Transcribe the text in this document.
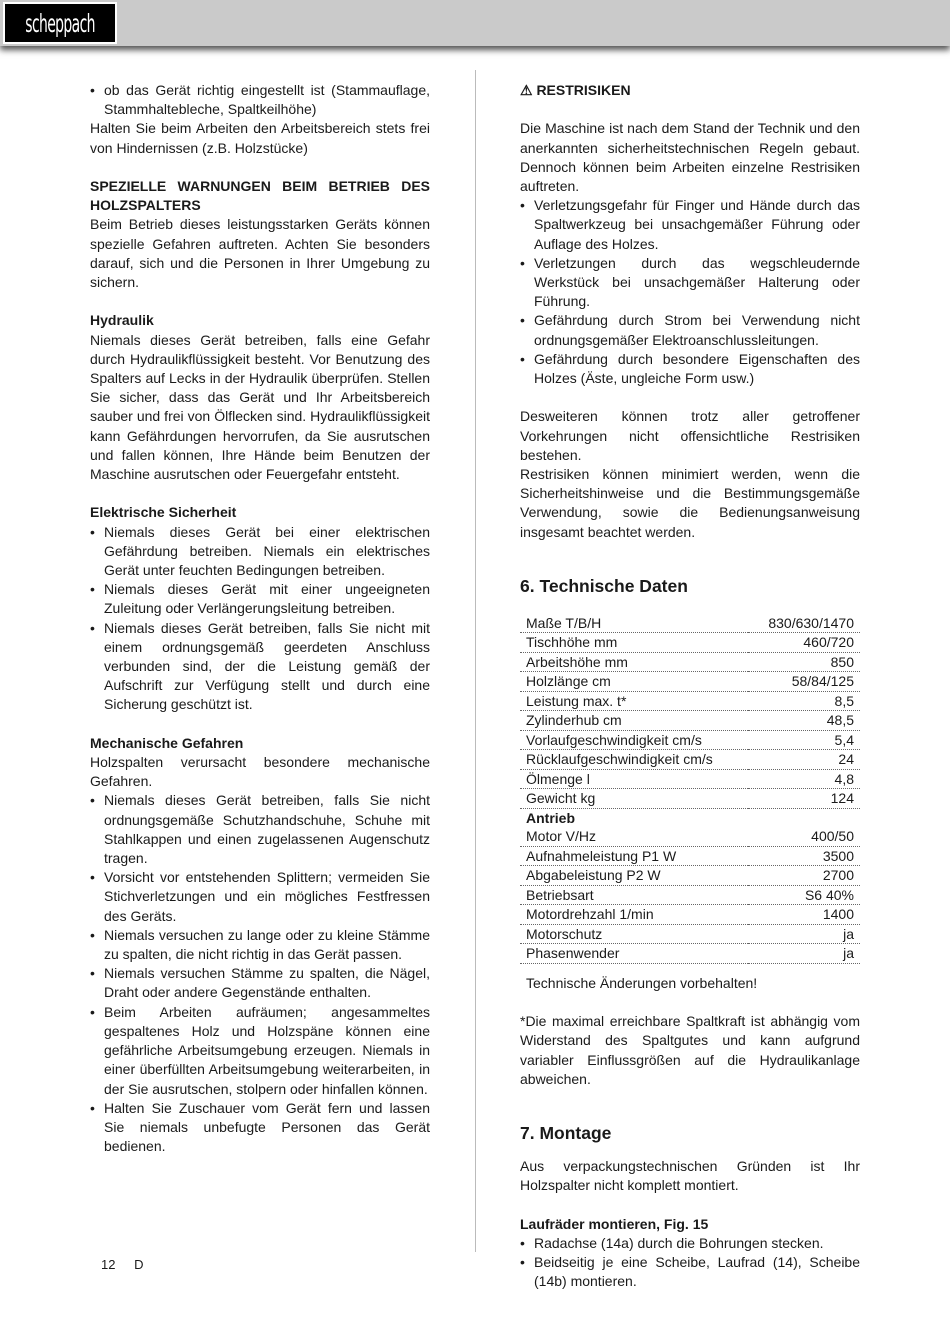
scheppach
• ob das Gerät richtig eingestellt ist (Stammauflage, Stammhaltebleche, Spaltkeilhöhe)

Halten Sie beim Arbeiten den Arbeitsbereich stets frei von Hindernissen (z.B. Holzstücke)

SPEZIELLE WARNUNGEN BEIM BETRIEB DES HOLZSPALTERS

Beim Betrieb dieses leistungsstarken Geräts können spezielle Gefahren auftreten. Achten Sie besonders darauf, sich und die Personen in Ihrer Umgebung zu sichern.

Hydraulik

Niemals dieses Gerät betreiben, falls eine Gefahr durch Hydraulikflüssigkeit besteht. Vor Benutzung des Spalters auf Lecks in der Hydraulik überprüfen. Stellen Sie sicher, dass das Gerät und Ihr Arbeitsbereich sauber und frei von Ölflecken sind. Hydraulikflüssigkeit kann Gefährdungen hervorrufen, da Sie ausrutschen und fallen können, Ihre Hände beim Benutzen der Maschine ausrutschen oder Feuergefahr entsteht.

Elektrische Sicherheit

• Niemals dieses Gerät bei einer elektrischen Gefährdung betreiben. Niemals ein elektrisches Gerät unter feuchten Bedingungen betreiben.
• Niemals dieses Gerät mit einer ungeeigneten Zuleitung oder Verlängerungsleitung betreiben.
• Niemals dieses Gerät betreiben, falls Sie nicht mit einem ordnungsgemäß geerdeten Anschluss verbunden sind, der die Leistung gemäß der Aufschrift zur Verfügung stellt und durch eine Sicherung geschützt ist.

Mechanische Gefahren

Holzspalten verursacht besondere mechanische Gefahren.

• Niemals dieses Gerät betreiben, falls Sie nicht ordnungsgemäße Schutzhandschuhe, Schuhe mit Stahlkappen und einen zugelassenen Augenschutz tragen.
• Vorsicht vor entstehenden Splittern; vermeiden Sie Stichverletzungen und ein mögliches Festfressen des Geräts.
• Niemals versuchen zu lange oder zu kleine Stämme zu spalten, die nicht richtig in das Gerät passen.
• Niemals versuchen Stämme zu spalten, die Nägel, Draht oder andere Gegenstände enthalten.
• Beim Arbeiten aufräumen; angesammeltes gespaltenes Holz und Holzspäne können eine gefährliche Arbeitsumgebung erzeugen. Niemals in einer überfüllten Arbeitsumgebung weiterarbeiten, in der Sie ausrutschen, stolpern oder hinfallen können.
• Halten Sie Zuschauer vom Gerät fern und lassen Sie niemals unbefugte Personen das Gerät bedienen.

⚠ RESTRISIKEN

Die Maschine ist nach dem Stand der Technik und den anerkannten sicherheitstechnischen Regeln gebaut. Dennoch können beim Arbeiten einzelne Restrisiken auftreten.

• Verletzungsgefahr für Finger und Hände durch das Spaltwerkzeug bei unsachgemäßer Führung oder Auflage des Holzes.
• Verletzungen durch das wegschleudernde Werkstück bei unsachgemäßer Halterung oder Führung.
• Gefährdung durch Strom bei Verwendung nicht ordnungsgemäßer Elektroanschlussleitungen.
• Gefährdung durch besondere Eigenschaften des Holzes (Äste, ungleiche Form usw.)

Desweiteren können trotz aller getroffener Vorkehrungen nicht offensichtliche Restrisiken bestehen.

Restrisiken können minimiert werden, wenn die Sicherheitshinweise und die Bestimmungsgemäße Verwendung, sowie die Bedienungsanweisung insgesamt beachtet werden.

6. Technische Daten
Maße T/B/H	830/630/1470
Tischhöhe mm	460/720
Arbeitshöhe mm	850
Holzlänge cm	58/84/125
Leistung max. t*	8,5
Zylinderhub cm	48,5
Vorlaufgeschwindigkeit cm/s	5,4
Rücklaufgeschwindigkeit cm/s	24
Ölmenge l	4,8
Gewicht kg	124
Antrieb	
Motor V/Hz	400/50
Aufnahmeleistung P1 W	3500
Abgabeleistung P2 W	2700
Betriebsart	S6 40%
Motordrehzahl 1/min	1400
Motorschutz	ja
Phasenwender	ja

Technische Änderungen vorbehalten!

*Die maximal erreichbare Spaltkraft ist abhängig vom Widerstand des Spaltgutes und kann aufgrund variabler Einflussgrößen auf die Hydraulikanlage abweichen.

7. Montage

Aus verpackungstechnischen Gründen ist Ihr Holzspalter nicht komplett montiert.

Laufräder montieren, Fig. 15

• Radachse (14a) durch die Bohrungen stecken.
• Beidseitig je eine Scheibe, Laufrad (14), Scheibe (14b) montieren.
12 D
